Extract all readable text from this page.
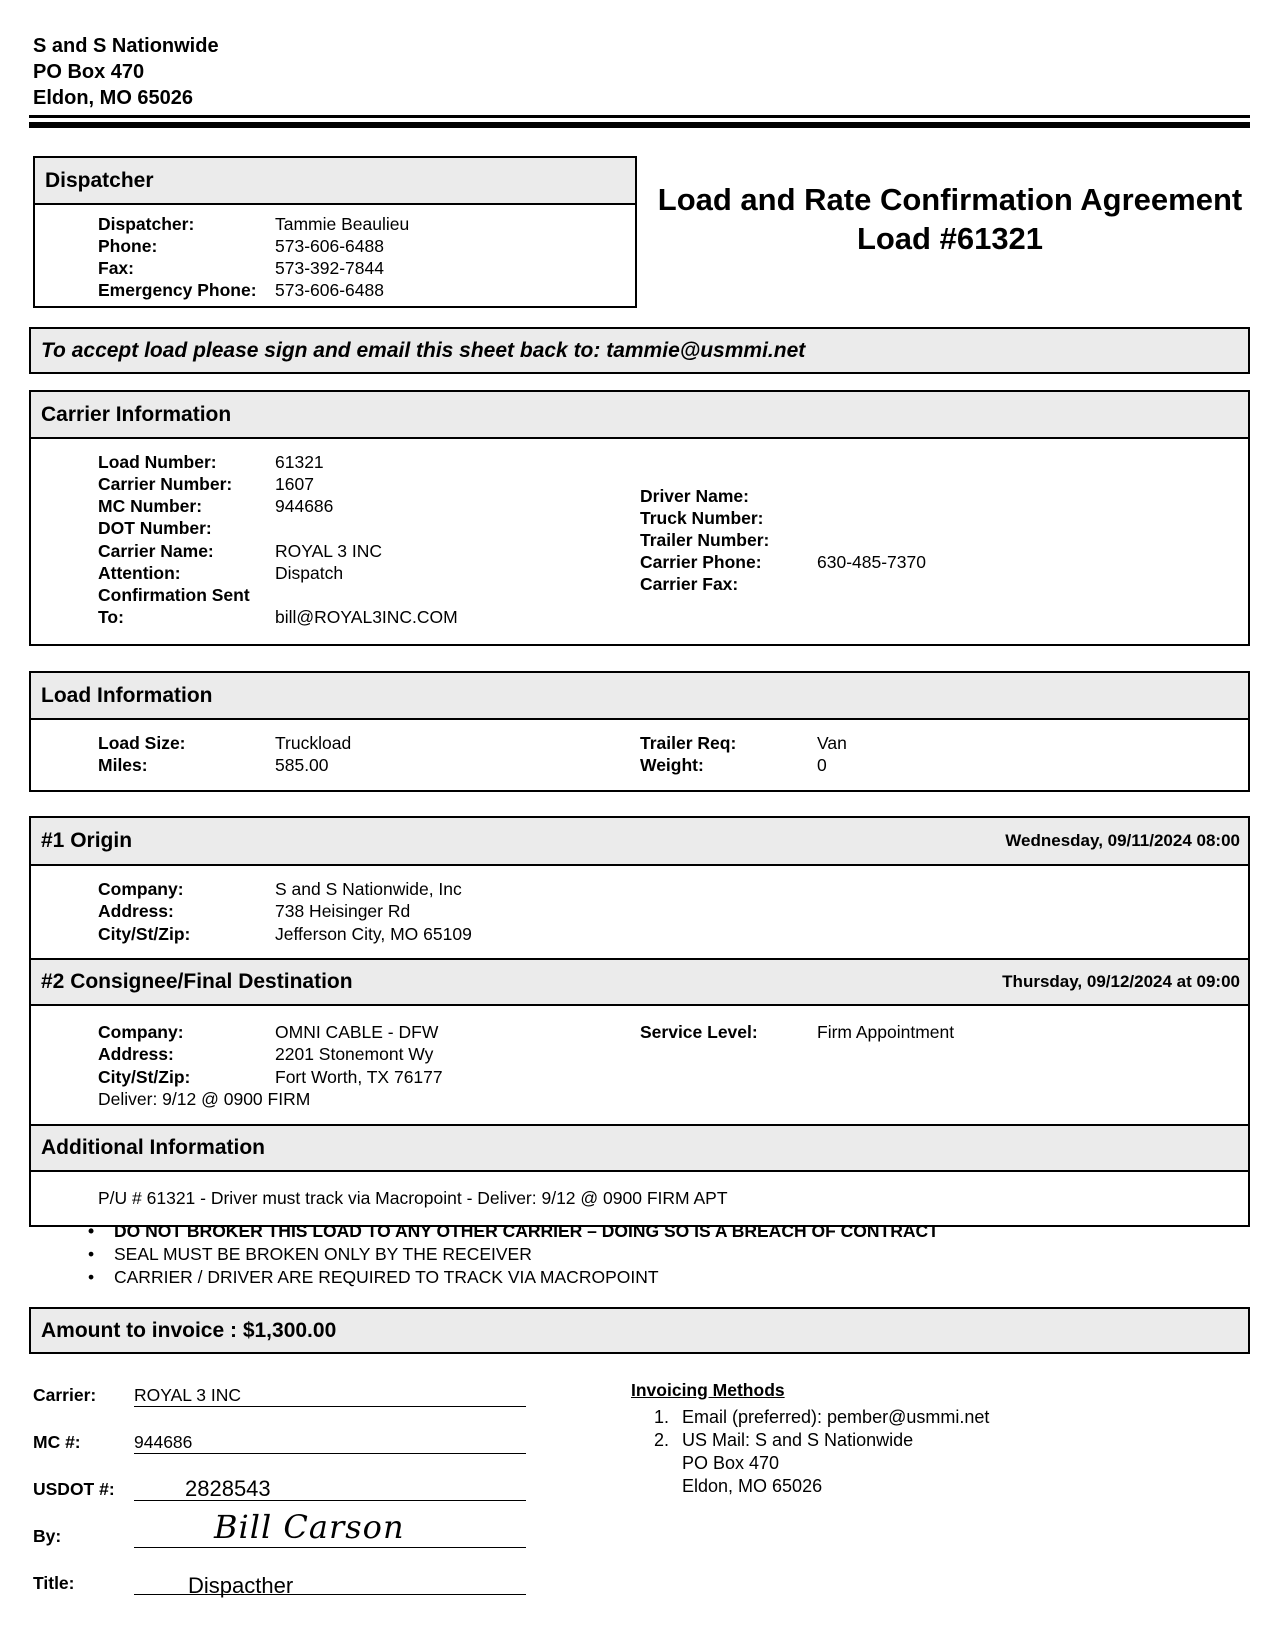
S and S Nationwide
PO Box 470
Eldon, MO 65026
Dispatcher
Dispatcher:	Tammie Beaulieu
Phone:	573-606-6488
Fax:	573-392-7844
Emergency Phone: 573-606-6488
Load and Rate Confirmation Agreement
Load #61321
To accept load please sign and email this sheet back to: tammie@usmmi.net
Carrier Information
Load Number:	61321
Carrier Number: 1607
MC Number:	944686
DOT Number:
Carrier Name:	ROYAL 3 INC
Attention:	Dispatch
Confirmation Sent
To:	bill@ROYAL3INC.COM
Driver Name:
Truck Number:
Trailer Number:
Carrier Phone:	630-485-7370
Carrier Fax:
Load Information
Load Size:	Truckload
Miles:	585.00
Trailer Req:	Van
Weight:	0
#1 Origin	Wednesday, 09/11/2024 08:00
Company:	S and S Nationwide, Inc
Address:	738 Heisinger Rd
City/St/Zip:	Jefferson City, MO 65109
#2 Consignee/Final Destination	Thursday, 09/12/2024 at 09:00
Company:	OMNI CABLE - DFW
Address:	2201 Stonemont Wy
City/St/Zip:	Fort Worth, TX 76177
Deliver: 9/12 @ 0900 FIRM
Service Level:	Firm Appointment
Additional Information
P/U # 61321 - Driver must track via Macropoint - Deliver: 9/12 @ 0900 FIRM APT
• DO NOT BROKER THIS LOAD TO ANY OTHER CARRIER – DOING SO IS A BREACH OF CONTRACT
• SEAL MUST BE BROKEN ONLY BY THE RECEIVER
• CARRIER / DRIVER ARE REQUIRED TO TRACK VIA MACROPOINT
Amount to invoice : $1,300.00
Carrier: ROYAL 3 INC
MC #:	944686
USDOT #:	2828543
By:	Bill Carson
Title:	Dispacther
Invoicing Methods
1. Email (preferred): pember@usmmi.net
2. US Mail: S and S Nationwide
PO Box 470
Eldon, MO 65026
